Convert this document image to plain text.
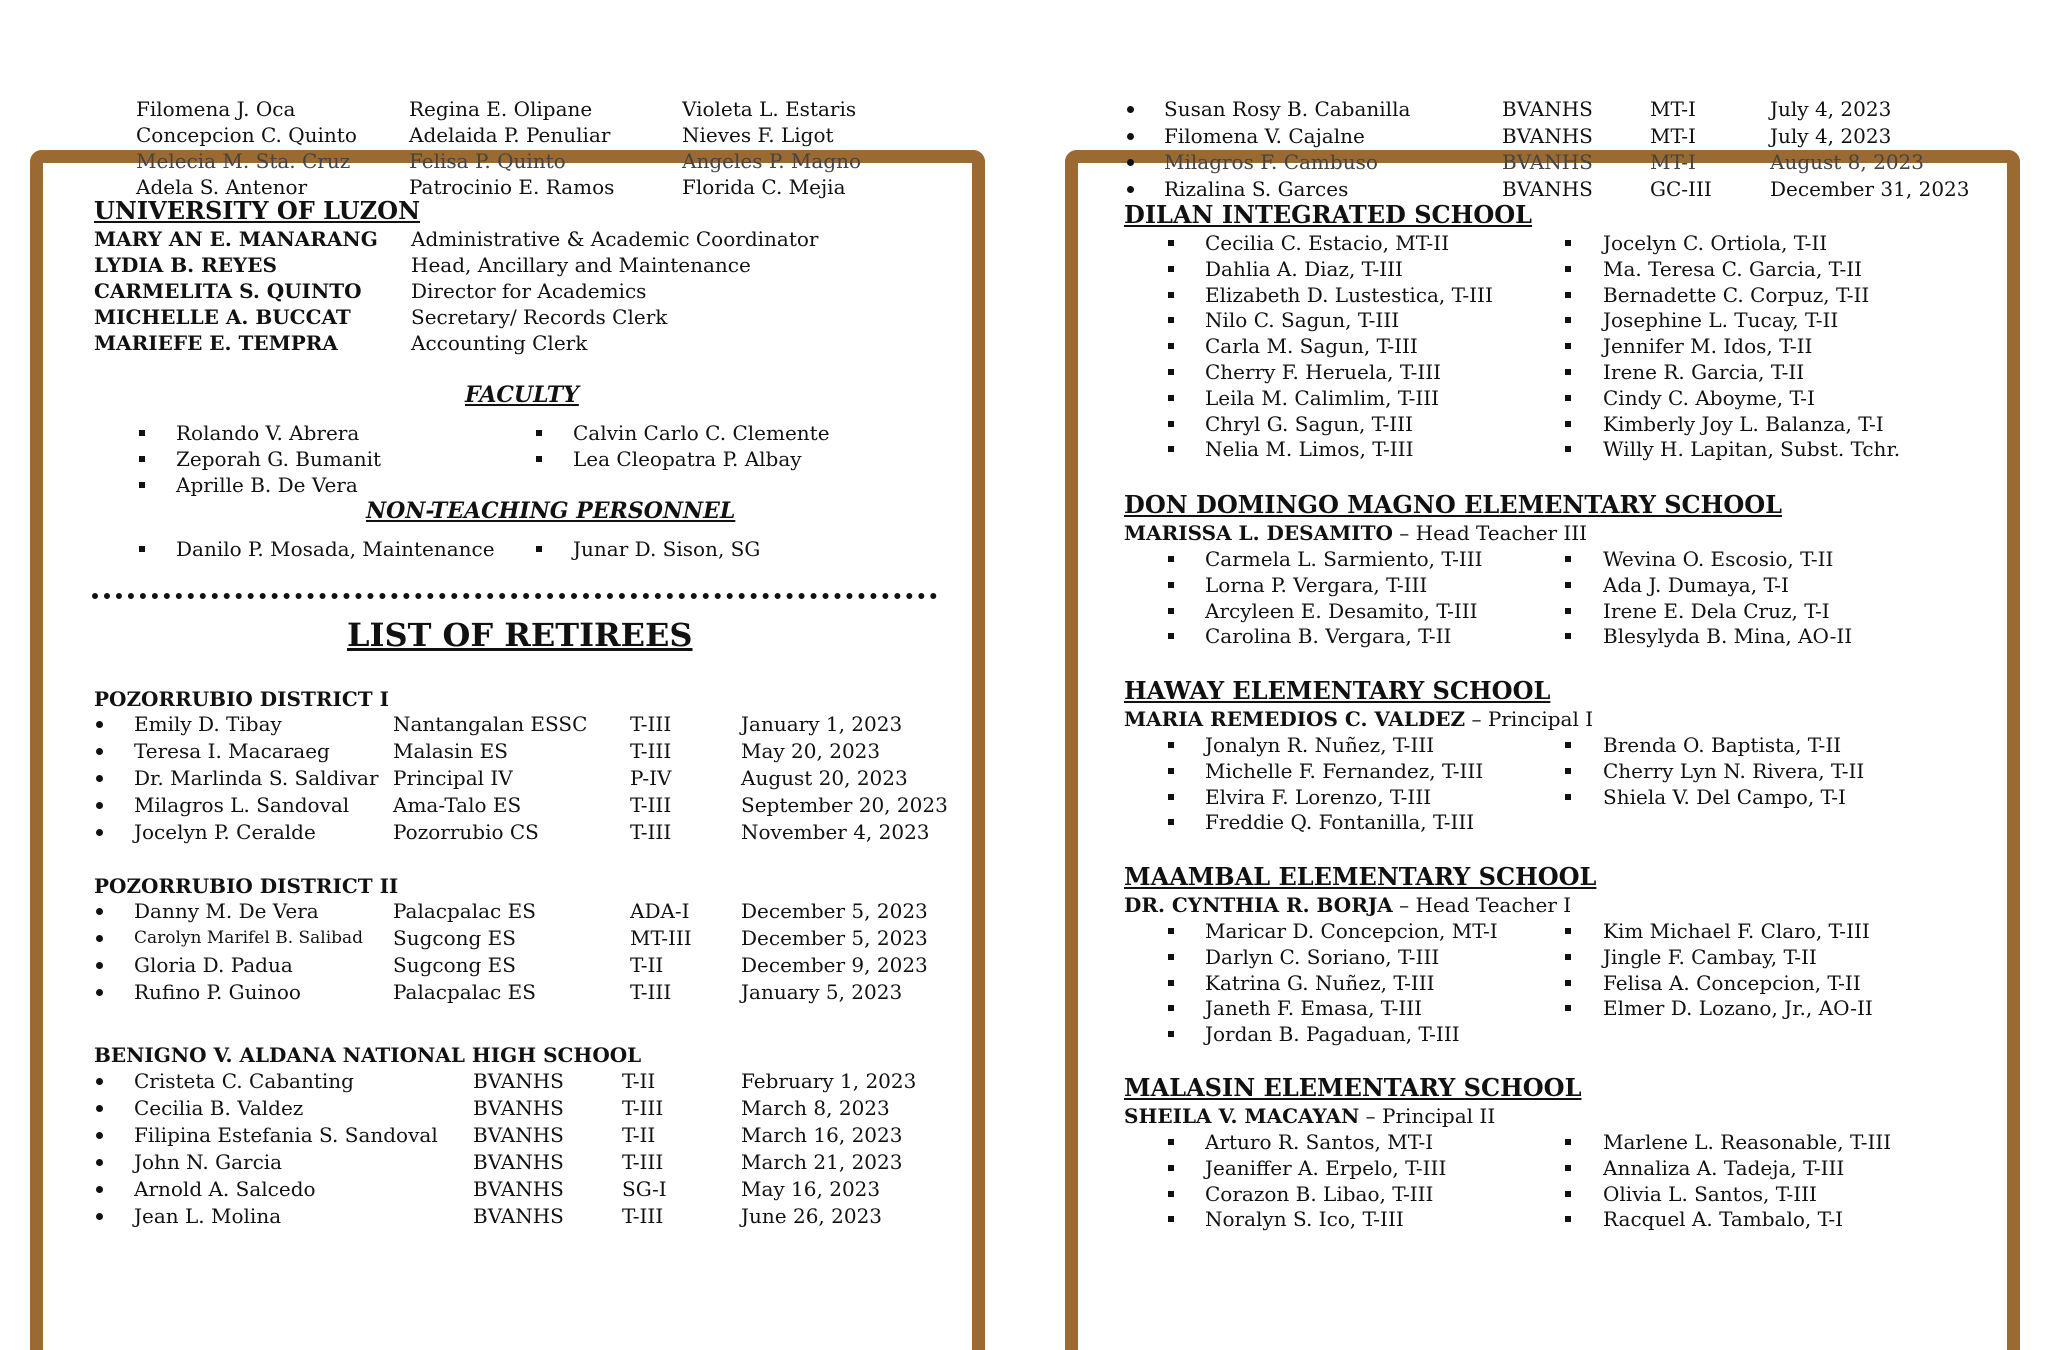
Filomena J. Oca	Regina E. Olipane	Violeta L. Estaris
Concepcion C. Quinto	Adelaida P. Penuliar	Nieves F. Ligot
Melecia M. Sta. Cruz	Felisa P. Quinto	Angeles P. Magno
Adela S. Antenor	Patrocinio E. Ramos	Florida C. Mejia
UNIVERSITY OF LUZON
MARY AN E. MANARANG Administrative & Academic Coordinator
LYDIA B. REYES	Head, Ancillary and Maintenance
CARMELITA S. QUINTO Director for Academics
MICHELLE A. BUCCAT	Secretary/ Records Clerk
MARIEFE E. TEMPRA	Accounting Clerk
FACULTY
Rolando V. Abrera	Calvin Carlo C. Clemente
Zeporah G. Bumanit	Lea Cleopatra P. Albay
Aprille B. De Vera
NON-TEACHING PERSONNEL
Danilo P. Mosada, Maintenance	Junar D. Sison, SG
LIST OF RETIREES
POZORRUBIO DISTRICT I
Emily D. Tibay	Nantangalan ESSC T-III	January 1, 2023
Teresa I. Macaraeg	Malasin ES	T-III	May 20, 2023
Dr. Marlinda S. Saldivar Principal IV	P-IV	August 20, 2023
Milagros L. Sandoval Ama-Talo ES	T-III	September 20, 2023
Jocelyn P. Ceralde	Pozorrubio CS	T-III	November 4, 2023
POZORRUBIO DISTRICT II
Danny M. De Vera	Palacpalac ES	ADA-I	December 5, 2023
Carolyn Marifel B. Salibad Sugcong ES	MT-III December 5, 2023
Gloria D. Padua	Sugcong ES	T-II	December 9, 2023
Rufino P. Guinoo	Palacpalac ES	T-III	January 5, 2023
BENIGNO V. ALDANA NATIONAL HIGH SCHOOL
Cristeta C. Cabanting	BVANHS	T-II	February 1, 2023
Cecilia B. Valdez	BVANHS	T-III	March 8, 2023
Filipina Estefania S. Sandoval BVANHS	T-II	March 16, 2023
John N. Garcia	BVANHS	T-III	March 21, 2023
Arnold A. Salcedo	BVANHS	SG-I	May 16, 2023
Jean L. Molina	BVANHS	T-III	June 26, 2023
Susan Rosy B. Cabanilla	BVANHS	MT-I	July 4, 2023
Filomena V. Cajalne	BVANHS	MT-I	July 4, 2023
Milagros F. Cambuso	BVANHS	MT-I	August 8, 2023
Rizalina S. Garces	BVANHS	GC-III	December 31, 2023
DILAN INTEGRATED SCHOOL
Cecilia C. Estacio, MT-II
Dahlia A. Diaz, T-III
Elizabeth D. Lustestica, T-III
Nilo C. Sagun, T-III
Carla M. Sagun, T-III
Cherry F. Heruela, T-III
Leila M. Calimlim, T-III
Chryl G. Sagun, T-III
Nelia M. Limos, T-III
Jocelyn C. Ortiola, T-II
Ma. Teresa C. Garcia, T-II
Bernadette C. Corpuz, T-II
Josephine L. Tucay, T-II
Jennifer M. Idos, T-II
Irene R. Garcia, T-II
Cindy C. Aboyme, T-I
Kimberly Joy L. Balanza, T-I
Willy H. Lapitan, Subst. Tchr.
DON DOMINGO MAGNO ELEMENTARY SCHOOL
MARISSA L. DESAMITO – Head Teacher III
Carmela L. Sarmiento, T-III
Lorna P. Vergara, T-III
Arcyleen E. Desamito, T-III
Carolina B. Vergara, T-II
Wevina O. Escosio, T-II
Ada J. Dumaya, T-I
Irene E. Dela Cruz, T-I
Blesylyda B. Mina, AO-II
HAWAY ELEMENTARY SCHOOL
MARIA REMEDIOS C. VALDEZ – Principal I
Jonalyn R. Nuñez, T-III
Michelle F. Fernandez, T-III
Elvira F. Lorenzo, T-III
Freddie Q. Fontanilla, T-III
Brenda O. Baptista, T-II
Cherry Lyn N. Rivera, T-II
Shiela V. Del Campo, T-I
MAAMBAL ELEMENTARY SCHOOL
DR. CYNTHIA R. BORJA – Head Teacher I
Maricar D. Concepcion, MT-I
Darlyn C. Soriano, T-III
Katrina G. Nuñez, T-III
Janeth F. Emasa, T-III
Jordan B. Pagaduan, T-III
Kim Michael F. Claro, T-III
Jingle F. Cambay, T-II
Felisa A. Concepcion, T-II
Elmer D. Lozano, Jr., AO-II
MALASIN ELEMENTARY SCHOOL
SHEILA V. MACAYAN – Principal II
Arturo R. Santos, MT-I
Jeaniffer A. Erpelo, T-III
Corazon B. Libao, T-III
Noralyn S. Ico, T-III
Marlene L. Reasonable, T-III
Annaliza A. Tadeja, T-III
Olivia L. Santos, T-III
Racquel A. Tambalo, T-I
